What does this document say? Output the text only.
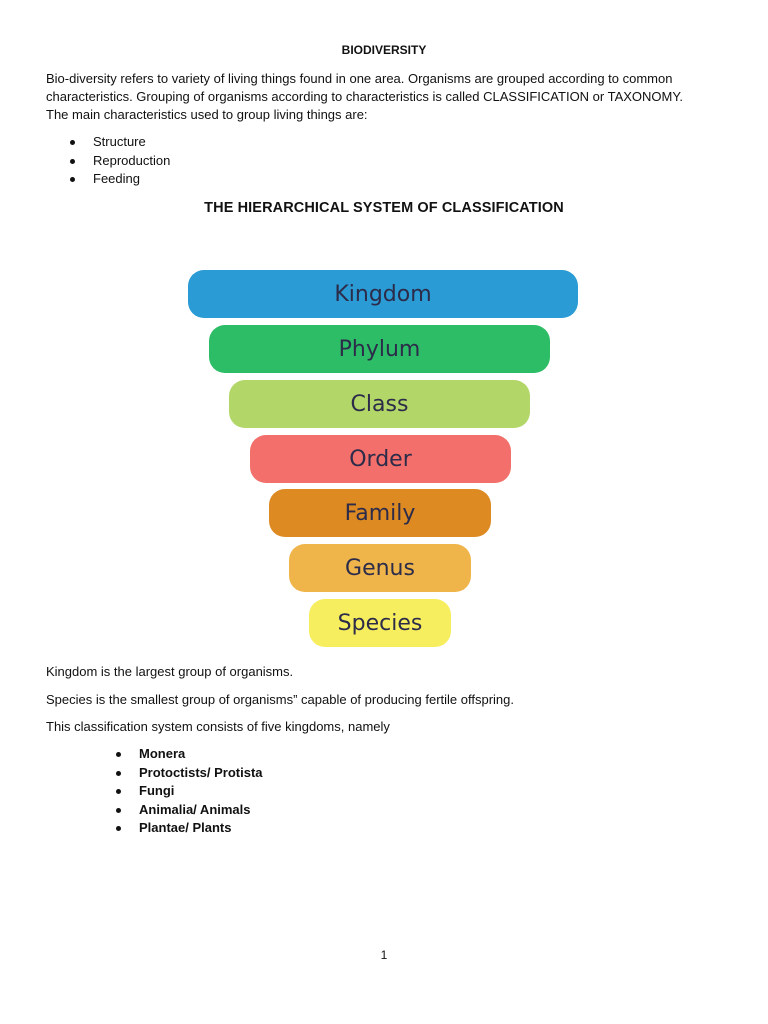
BIODIVERSITY
Bio-diversity refers to variety of living things found in one area. Organisms are grouped according to common characteristics. Grouping of organisms according to characteristics is called CLASSIFICATION or TAXONOMY. The main characteristics used to group living things are:
Structure
Reproduction
Feeding
THE HIERARCHICAL SYSTEM OF CLASSIFICATION
Kingdom
Phylum
Class
Order
Family
Genus
Species
Kingdom is the largest group of organisms.
Species is the smallest group of organisms” capable of producing fertile offspring.
This classification system consists of five kingdoms, namely
Monera
Protoctists/ Protista
Fungi
Animalia/ Animals
Plantae/ Plants
1
